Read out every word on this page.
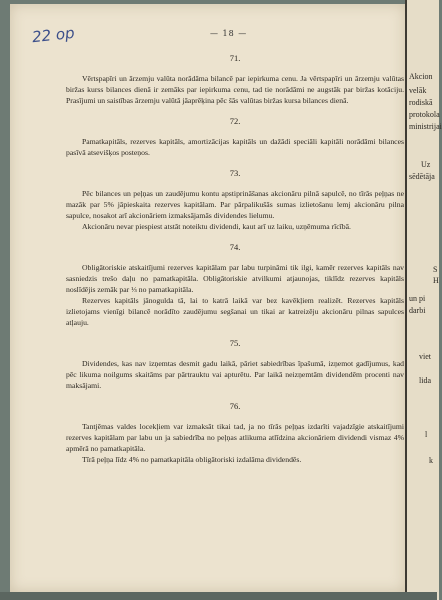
22 op	— 18 —
Akcion
velāk
rodiskā
protokola
ministrijai
Uz
sēdētāja
S
H
un pi
darbi
viet
lida
l
k
71.

Vērtspapīri un ārzemju valūta norādāma bilancē par iepirkuma cenu. Ja vērtspapīri un ārzemju valūtas biržas kurss bilances dienā ir zemāks par iepirkuma cenu, tad tie norādāmi ne augstāk par biržas kotāciju. Prasījumi un saistības ārzemju valūtā jāaprēķina pēc šās valūtas biržas kursa bilances dienā.

72.

Pamatkapitāls, rezerves kapitāls, amortizācijas kapitāls un dažādi speciāli kapitāli norādāmi bilances pasīvā atsevišķos posteņos.

73.

Pēc bilances un peļņas un zaudējumu kontu apstiprināšanas akcionāru pilnā sapulcē, no tīrās peļņas ne mazāk par 5% jāpieskaita rezerves kapitālam. Par pārpalikušās sumas izlietošanu lemj akcionāru pilna sapulce, nosakot arī akcionāriem izmaksājamās dividendes lielumu.

Akcionāru nevar piespiest atstāt noteiktu dividendi, kaut arī uz laiku, uzņēmuma rīcībā.

74.

Obligātoriskie atskaitījumi rezerves kapitālam par labu turpināmi tik ilgi, kamēr rezerves kapitāls nav sasniedzis trešo daļu no pamatkapitāla. Obligātoriskie atvilkumi atjaunojas, tiklīdz rezerves kapitāls noslīdējis zemāk par ⅓ no pamatkapitāla.

Rezerves kapitāls jānogulda tā, lai to katrā laikā var bez kavēkļiem realizēt. Rezerves kapitāls izlietojams vienīgi bilancē norādīto zaudējumu segšanai un tikai ar katreizēju akcionāru pilnas sapulces atļauju.

75.

Dividendes, kas nav izņemtas desmit gadu laikā, pāriet sabiedrības īpašumā, izņemot gadījumus, kad pēc likuma noilgums skaitāms par pārtrauktu vai apturētu. Par laikā neizņemtām dividendēm procenti nav maksājami.

76.

Tantjēmas valdes locekļiem var izmaksāt tikai tad, ja no tīrās peļņas izdarīti vajadzīgie atskaitījumi rezerves kapitālam par labu un ja sabiedrība no peļņas atlikuma atlīdzina akcionāriem dividendi vismaz 4% apmērā no pamatkapitāla.

Tīrā peļņa līdz 4% no pamatkapitāla obligātoriski izdalāma dividendēs.
